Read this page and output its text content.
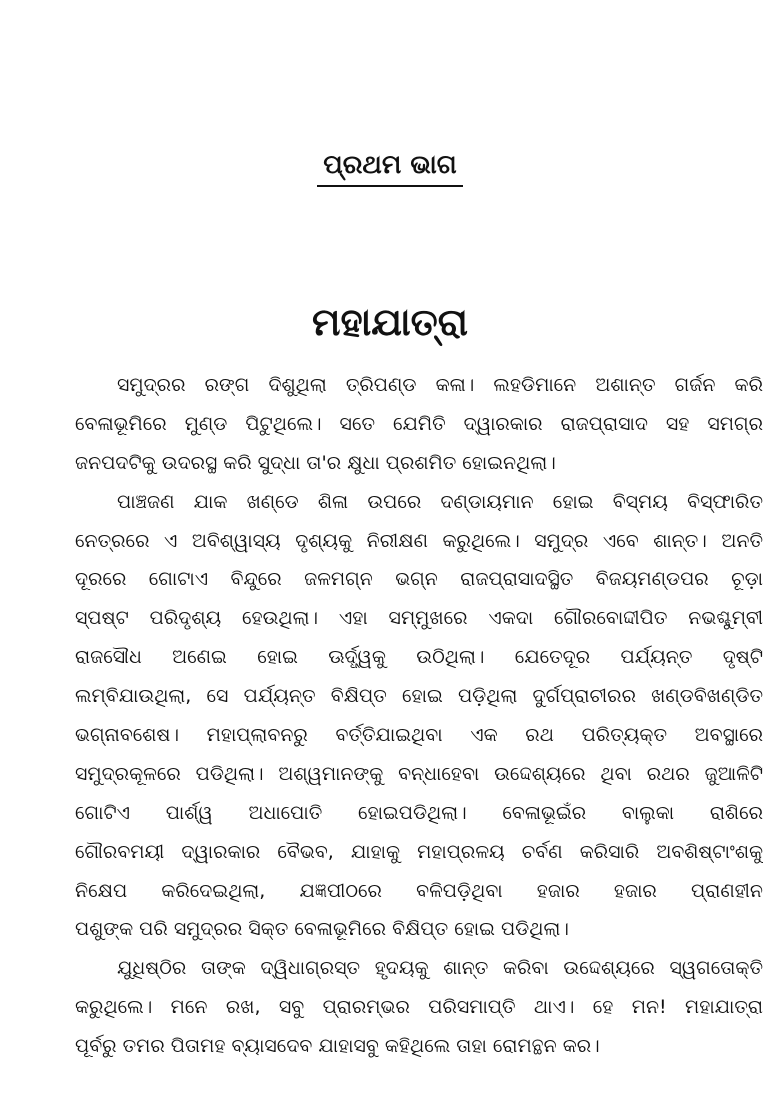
ପ୍ରଥମ ଭାଗ
ମହାଯାତ୍ରା
ସମୁଦ୍ରର ରଙ୍ଗ ଦିଶୁଥିଲା ତ୍ରିପଣ୍ଡ କଳା। ଲହଡିମାନେ ଅଶାନ୍ତ ଗର୍ଜନ କରି
ବେଳାଭୂମିରେ ମୁଣ୍ଡ ପିଟୁଥିଲେ। ସତେ ଯେମିତି ଦ୍ୱାରକାର ରାଜପ୍ରାସାଦ ସହ ସମଗ୍ର
ଜନପଦଟିକୁ ଉଦରସ୍ଥ କରି ସୁଦ୍ଧା ତା'ର କ୍ଷୁଧା ପ୍ରଶମିତ ହୋଇନଥିଲା।
ପାଞ୍ଚଜଣ ଯାକ ଖଣ୍ଡେ ଶିଳା ଉପରେ ଦଣ୍ଡାୟମାନ ହୋଇ ବିସ୍ମୟ ବିସ୍ଫାରିତ
ନେତ୍ରରେ ଏ ଅବିଶ୍ୱାସ୍ୟ ଦୃଶ୍ୟକୁ ନିରୀକ୍ଷଣ କରୁଥିଲେ। ସମୁଦ୍ର ଏବେ ଶାନ୍ତ। ଅନତି
ଦୂରରେ ଗୋଟାଏ ବିନ୍ଦୁରେ ଜଳମଗ୍ନ ଭଗ୍ନ ରାଜପ୍ରାସାଦସ୍ଥିତ ବିଜୟମଣ୍ଡପର ଚୂଡ଼ା
ସ୍ପଷ୍ଟ ପରିଦୃଶ୍ୟ ହେଉଥିଲା। ଏହା ସମ୍ମୁଖରେ ଏକଦା ଗୌରବୋଦ୍ଦୀପିତ ନଭଶ୍ଚୁମ୍ବୀ
ରାଜସୌଧ ଅଣେଇ ହୋଇ ଊର୍ଦ୍ଧ୍ୱକୁ ଉଠିଥିଲା। ଯେତେଦୂର ପର୍ଯ୍ୟନ୍ତ ଦୃଷ୍ଟି
ଲମ୍ବିଯାଉଥିଲା, ସେ ପର୍ଯ୍ୟନ୍ତ ବିକ୍ଷିପ୍ତ ହୋଇ ପଡ଼ିଥିଲା ଦୁର୍ଗପ୍ରାଚୀରର ଖଣ୍ଡବିଖଣ୍ଡିତ
ଭଗ୍ନାବଶେଷ। ମହାପ୍ଲାବନରୁ ବର୍ତ୍ତିଯାଇଥିବା ଏକ ରଥ ପରିତ୍ୟକ୍ତ ଅବସ୍ଥାରେ
ସମୁଦ୍ରକୂଳରେ ପଡିଥିଲା। ଅଶ୍ୱମାନଙ୍କୁ ବନ୍ଧାହେବା ଉଦ୍ଦେଶ୍ୟରେ ଥିବା ରଥର ଜୁଆଳିଟି
ଗୋଟିଏ ପାର୍ଶ୍ୱ ଅଧାପୋତି ହୋଇପଡିଥିଲା। ବେଳାଭୂଇଁର ବାଲୁକା ରାଶିରେ
ଗୌରବମୟୀ ଦ୍ୱାରକାର ବୈଭବ, ଯାହାକୁ ମହାପ୍ରଳୟ ଚର୍ବଣ କରିସାରି ଅବଶିଷ୍ଟାଂଶକୁ
ନିକ୍ଷେପ କରିଦେଇଥିଲା, ଯଜ୍ଞପୀଠରେ ବଳିପଡ଼ିଥିବା ହଜାର ହଜାର ପ୍ରାଣହୀନ
ପଶୁଙ୍କ ପରି ସମୁଦ୍ରର ସିକ୍ତ ବେଳାଭୂମିରେ ବିକ୍ଷିପ୍ତ ହୋଇ ପଡିଥିଲା।
ଯୁଧିଷ୍ଠିର ତାଙ୍କ ଦ୍ୱିଧାଗ୍ରସ୍ତ ହୃଦୟକୁ ଶାନ୍ତ କରିବା ଉଦ୍ଦେଶ୍ୟରେ ସ୍ୱଗତୋକ୍ତି
କରୁଥିଲେ। ମନେ ରଖ, ସବୁ ପ୍ରାରମ୍ଭର ପରିସମାପ୍ତି ଥାଏ। ହେ ମନ! ମହାଯାତ୍ରା
ପୂର୍ବରୁ ତମର ପିତାମହ ବ୍ୟାସଦେବ ଯାହାସବୁ କହିଥିଲେ ତାହା ରୋମନ୍ଥନ କର।
